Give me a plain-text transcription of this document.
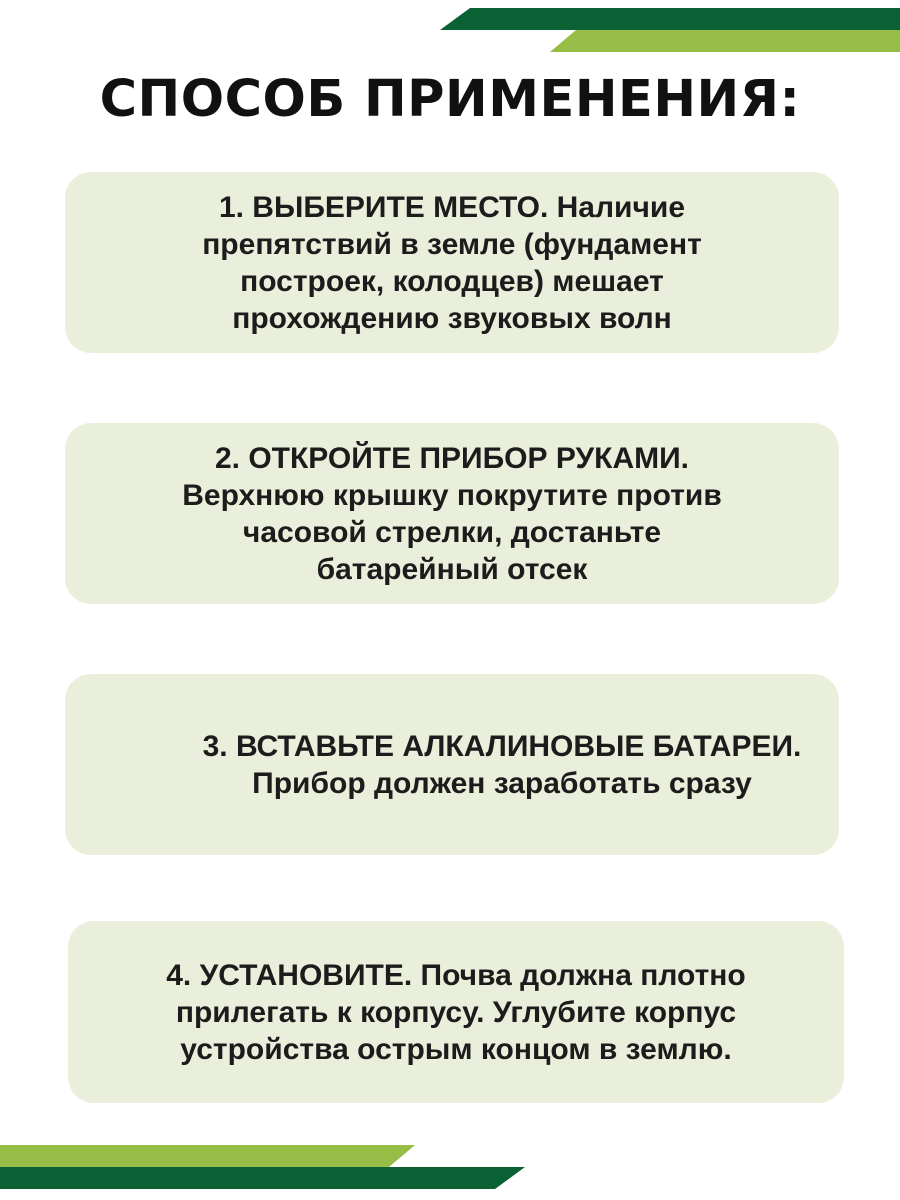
СПОСОБ ПРИМЕНЕНИЯ:
1. ВЫБЕРИТЕ МЕСТО. Наличие
препятствий в земле (фундамент
построек, колодцев) мешает
прохождению звуковых волн
2. ОТКРОЙТЕ ПРИБОР РУКАМИ.
Верхнюю крышку покрутите против
часовой стрелки, достаньте
батарейный отсек
3. ВСТАВЬТЕ АЛКАЛИНОВЫЕ БАТАРЕИ.
Прибор должен заработать сразу
4. УСТАНОВИТЕ. Почва должна плотно
прилегать к корпусу. Углубите корпус
устройства острым концом в землю.
